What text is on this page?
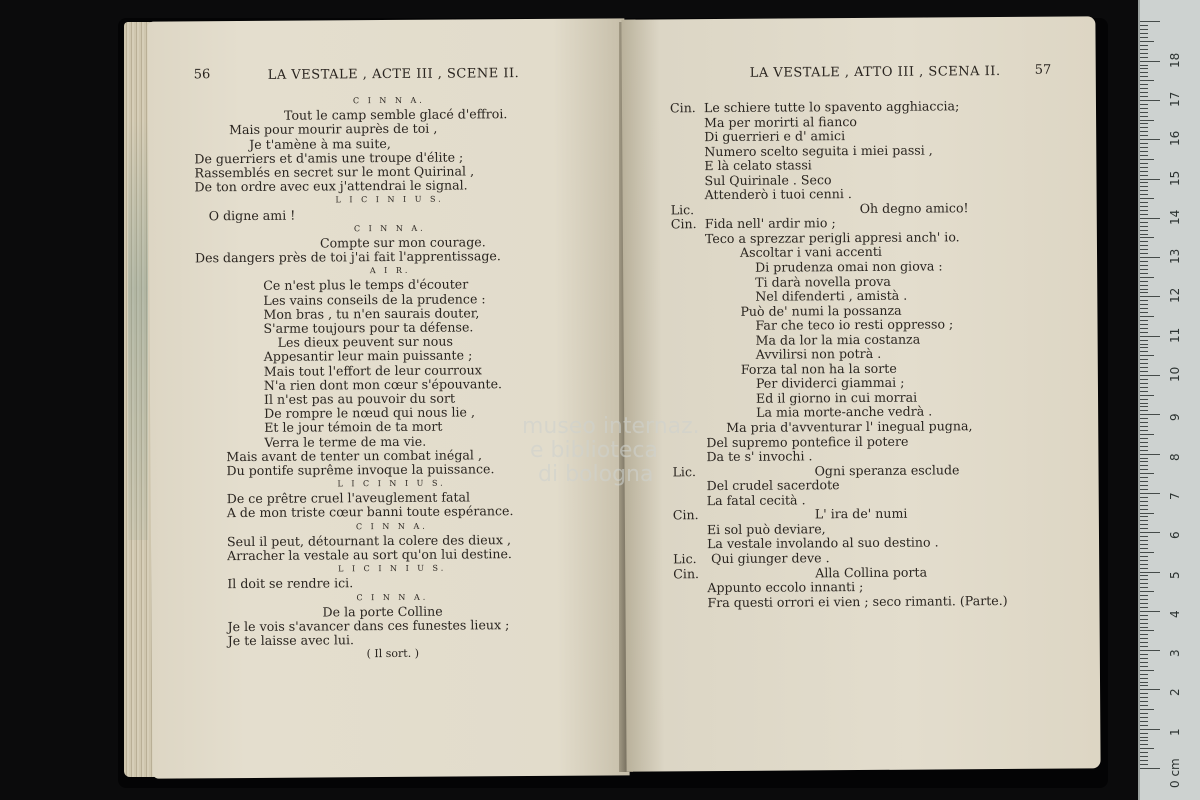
56	LA VESTALE , ACTE III , SCENE II.
C I N N A.
Tout le camp semble glacé d'effroi.
Mais pour mourir auprès de toi ,
Je t'amène à ma suite,
De guerriers et d'amis une troupe d'élite ;
Rassemblés en secret sur le mont Quirinal ,
De ton ordre avec eux j'attendrai le signal.
L I C I N I U S.
O digne ami !
C I N N A.
Compte sur mon courage.
Des dangers près de toi j'ai fait l'apprentissage.
A I R.
Ce n'est plus le temps d'écouter
Les vains conseils de la prudence :
Mon bras , tu n'en saurais douter,
S'arme toujours pour ta défense.
Les dieux peuvent sur nous
Appesantir leur main puissante ;
Mais tout l'effort de leur courroux
N'a rien dont mon cœur s'épouvante.
Il n'est pas au pouvoir du sort
De rompre le nœud qui nous lie ,
Et le jour témoin de ta mort
Verra le terme de ma vie.
Mais avant de tenter un combat inégal ,
Du pontife suprême invoque la puissance.
L I C I N I U S.
De ce prêtre cruel l'aveuglement fatal
A de mon triste cœur banni toute espérance.
C I N N A.
Seul il peut, détournant la colere des dieux ,
Arracher la vestale au sort qu'on lui destine.
L I C I N I U S.
Il doit se rendre ici.
C I N N A.
De la porte Colline
Je le vois s'avancer dans ces funestes lieux ;
Je te laisse avec lui.
( Il sort. )
LA VESTALE , ATTO III , SCENA II.	57
Cin. Le schiere tutte lo spavento agghiaccia;
Ma per morirti al fianco
Di guerrieri e d' amici
Numero scelto seguita i miei passi ,
E là celato stassi
Sul Quirinale . Seco
Attenderò i tuoi cenni .
Lic.	Oh degno amico!
Cin. Fida nell' ardir mio ;
Teco a sprezzar perigli appresi anch' io.
Ascoltar i vani accenti
Di prudenza omai non giova :
Ti darà novella prova
Nel difenderti , amistà .
Può de' numi la possanza
Far che teco io resti oppresso ;
Ma da lor la mia costanza
Avvilirsi non potrà .
Forza tal non ha la sorte
Per dividerci giammai ;
Ed il giorno in cui morrai
La mia morte-anche vedrà .
Ma pria d'avventurar l' inegual pugna,
Del supremo pontefice il potere
Da te s' invochi .
Lic.	Ogni speranza esclude
Del crudel sacerdote
La fatal cecità .
Cin.	L' ira de' numi
Ei sol può deviare,
La vestale involando al suo destino .
Lic. Qui giunger deve .
Cin.	Alla Collina porta
Appunto eccolo innanti ;
Fra questi orrori ei vien ; seco rimanti. (Parte.)
museo internaz.
e biblioteca
di bologna
0 cm
1
2
3
4
5
6
7
8
9
10
11
12
13
14
15
16
17
18
